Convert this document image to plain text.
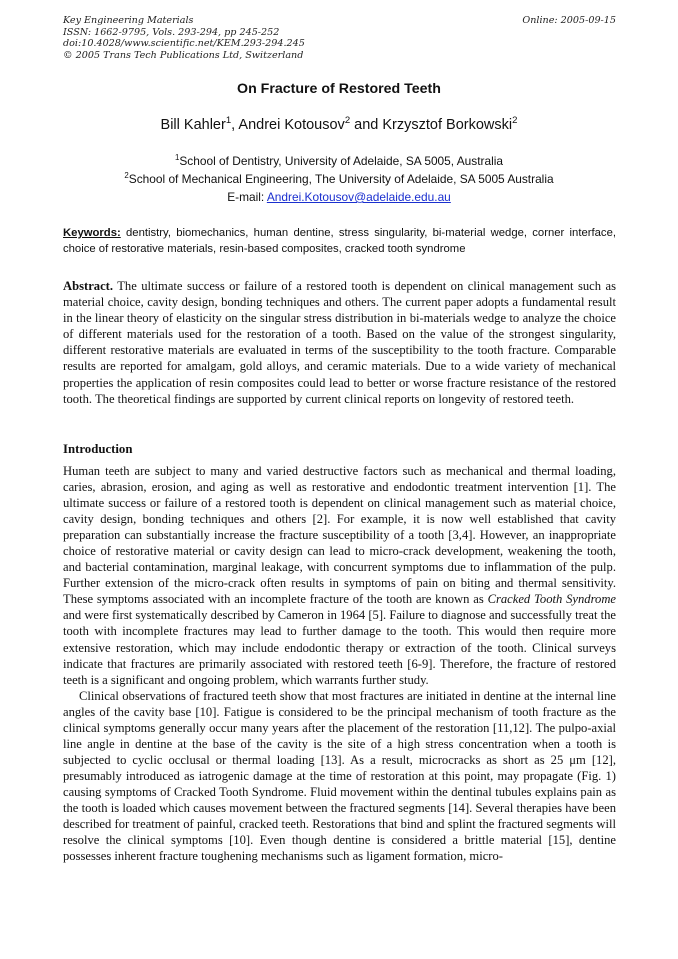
Key Engineering Materials
ISSN: 1662-9795, Vols. 293-294, pp 245-252
doi:10.4028/www.scientific.net/KEM.293-294.245
© 2005 Trans Tech Publications Ltd, Switzerland
Online: 2005-09-15
On Fracture of Restored Teeth
Bill Kahler$^1$, Andrei Kotousov$^2$ and Krzysztof Borkowski$^2$
$^1$School of Dentistry, University of Adelaide, SA 5005, Australia
$^2$School of Mechanical Engineering, The University of Adelaide, SA 5005 Australia
E-mail: Andrei.Kotousov@adelaide.edu.au
Keywords: dentistry, biomechanics, human dentine, stress singularity, bi-material wedge, corner interface, choice of restorative materials, resin-based composites, cracked tooth syndrome
Abstract. The ultimate success or failure of a restored tooth is dependent on clinical management such as material choice, cavity design, bonding techniques and others. The current paper adopts a fundamental result in the linear theory of elasticity on the singular stress distribution in bi-materials wedge to analyze the choice of different materials used for the restoration of a tooth. Based on the value of the strongest singularity, different restorative materials are evaluated in terms of the susceptibility to the tooth fracture. Comparable results are reported for amalgam, gold alloys, and ceramic materials. Due to a wide variety of mechanical properties the application of resin composites could lead to better or worse fracture resistance of the restored tooth. The theoretical findings are supported by current clinical reports on longevity of restored teeth.
Introduction

Human teeth are subject to many and varied destructive factors such as mechanical and thermal loading, caries, abrasion, erosion, and aging as well as restorative and endodontic treatment intervention [1]. The ultimate success or failure of a restored tooth is dependent on clinical management such as material choice, cavity design, bonding techniques and others [2]. For example, it is now well established that cavity preparation can substantially increase the fracture susceptibility of a tooth [3,4]. However, an inappropriate choice of restorative material or cavity design can lead to micro-crack development, weakening the tooth, and bacterial contamination, marginal leakage, with concurrent symptoms due to inflammation of the pulp. Further extension of the micro-crack often results in symptoms of pain on biting and thermal sensitivity. These symptoms associated with an incomplete fracture of the tooth are known as Cracked Tooth Syndrome and were first systematically described by Cameron in 1964 [5]. Failure to diagnose and successfully treat the tooth with incomplete fractures may lead to further damage to the tooth. This would then require more extensive restoration, which may include endodontic therapy or extraction of the tooth. Clinical surveys indicate that fractures are primarily associated with restored teeth [6-9]. Therefore, the fracture of restored teeth is a significant and ongoing problem, which warrants further study.

Clinical observations of fractured teeth show that most fractures are initiated in dentine at the internal line angles of the cavity base [10]. Fatigue is considered to be the principal mechanism of tooth fracture as the clinical symptoms generally occur many years after the placement of the restoration [11,12]. The pulpo-axial line angle in dentine at the base of the cavity is the site of a high stress concentration when a tooth is subjected to cyclic occlusal or thermal loading [13]. As a result, microcracks as short as 25 μm [12], presumably introduced as iatrogenic damage at the time of restoration at this point, may propagate (Fig. 1) causing symptoms of Cracked Tooth Syndrome. Fluid movement within the dentinal tubules explains pain as the tooth is loaded which causes movement between the fractured segments [14]. Several therapies have been described for treatment of painful, cracked teeth. Restorations that bind and splint the fractured segments will resolve the clinical symptoms [10]. Even though dentine is considered a brittle material [15], dentine possesses inherent fracture toughening mechanisms such as ligament formation, micro-
